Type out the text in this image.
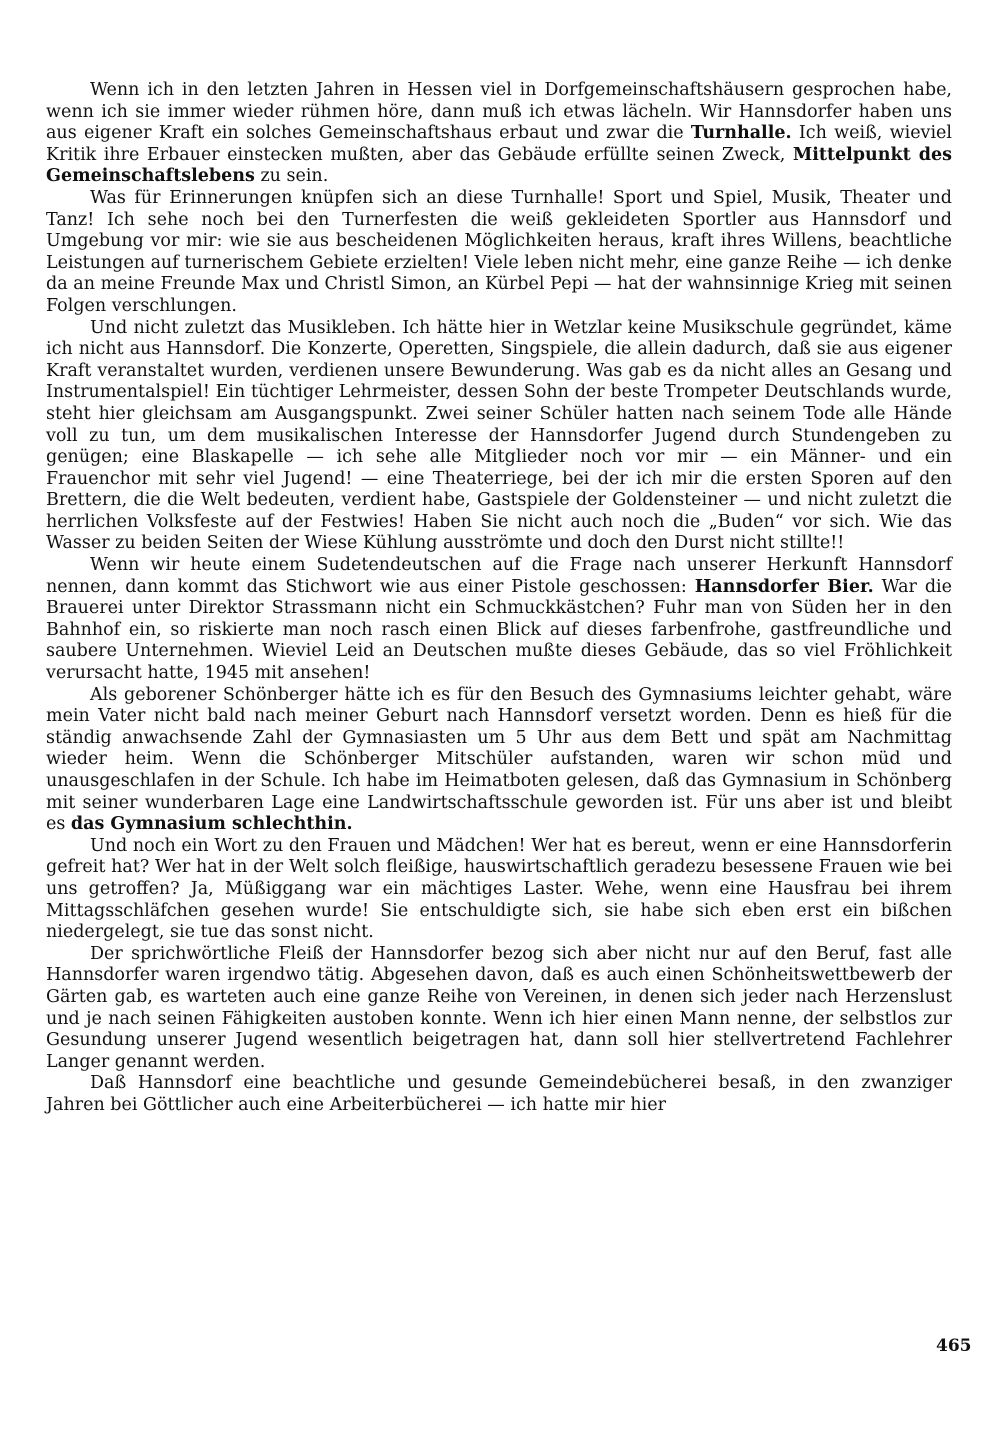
Wenn ich in den letzten Jahren in Hessen viel in Dorfgemeinschaftshäusern gesprochen habe, wenn ich sie immer wieder rühmen höre, dann muß ich etwas lächeln. Wir Hannsdorfer haben uns aus eigener Kraft ein solches Gemeinschaftshaus erbaut und zwar die Turnhalle. Ich weiß, wieviel Kritik ihre Erbauer einstecken mußten, aber das Gebäude erfüllte seinen Zweck, Mittelpunkt des Gemeinschaftslebens zu sein.

Was für Erinnerungen knüpfen sich an diese Turnhalle! Sport und Spiel, Musik, Theater und Tanz! Ich sehe noch bei den Turnerfesten die weiß gekleideten Sportler aus Hannsdorf und Umgebung vor mir: wie sie aus bescheidenen Möglichkeiten heraus, kraft ihres Willens, beachtliche Leistungen auf turnerischem Gebiete erzielten! Viele leben nicht mehr, eine ganze Reihe — ich denke da an meine Freunde Max und Christl Simon, an Kürbel Pepi — hat der wahnsinnige Krieg mit seinen Folgen verschlungen.

Und nicht zuletzt das Musikleben. Ich hätte hier in Wetzlar keine Musikschule gegründet, käme ich nicht aus Hannsdorf. Die Konzerte, Operetten, Singspiele, die allein dadurch, daß sie aus eigener Kraft veranstaltet wurden, verdienen unsere Bewunderung. Was gab es da nicht alles an Gesang und Instrumentalspiel! Ein tüchtiger Lehrmeister, dessen Sohn der beste Trompeter Deutschlands wurde, steht hier gleichsam am Ausgangspunkt. Zwei seiner Schüler hatten nach seinem Tode alle Hände voll zu tun, um dem musikalischen Interesse der Hannsdorfer Jugend durch Stundengeben zu genügen; eine Blaskapelle — ich sehe alle Mitglieder noch vor mir — ein Männer- und ein Frauenchor mit sehr viel Jugend! — eine Theaterriege, bei der ich mir die ersten Sporen auf den Brettern, die die Welt bedeuten, verdient habe, Gastspiele der Goldensteiner — und nicht zuletzt die herrlichen Volksfeste auf der Festwies! Haben Sie nicht auch noch die „Buden“ vor sich. Wie das Wasser zu beiden Seiten der Wiese Kühlung ausströmte und doch den Durst nicht stillte!!

Wenn wir heute einem Sudetendeutschen auf die Frage nach unserer Herkunft Hannsdorf nennen, dann kommt das Stichwort wie aus einer Pistole geschossen: Hannsdorfer Bier. War die Brauerei unter Direktor Strassmann nicht ein Schmuckkästchen? Fuhr man von Süden her in den Bahnhof ein, so riskierte man noch rasch einen Blick auf dieses farbenfrohe, gastfreundliche und saubere Unternehmen. Wieviel Leid an Deutschen mußte dieses Gebäude, das so viel Fröhlichkeit verursacht hatte, 1945 mit ansehen!

Als geborener Schönberger hätte ich es für den Besuch des Gymnasiums leichter gehabt, wäre mein Vater nicht bald nach meiner Geburt nach Hannsdorf versetzt worden. Denn es hieß für die ständig anwachsende Zahl der Gymnasiasten um 5 Uhr aus dem Bett und spät am Nachmittag wieder heim. Wenn die Schönberger Mitschüler aufstanden, waren wir schon müd und unausgeschlafen in der Schule. Ich habe im Heimatboten gelesen, daß das Gymnasium in Schönberg mit seiner wunderbaren Lage eine Landwirtschaftsschule geworden ist. Für uns aber ist und bleibt es das Gymnasium schlechthin.

Und noch ein Wort zu den Frauen und Mädchen! Wer hat es bereut, wenn er eine Hannsdorferin gefreit hat? Wer hat in der Welt solch fleißige, hauswirtschaftlich geradezu besessene Frauen wie bei uns getroffen? Ja, Müßiggang war ein mächtiges Laster. Wehe, wenn eine Hausfrau bei ihrem Mittagsschläfchen gesehen wurde! Sie entschuldigte sich, sie habe sich eben erst ein bißchen niedergelegt, sie tue das sonst nicht.

Der sprichwörtliche Fleiß der Hannsdorfer bezog sich aber nicht nur auf den Beruf, fast alle Hannsdorfer waren irgendwo tätig. Abgesehen davon, daß es auch einen Schönheitswettbewerb der Gärten gab, es warteten auch eine ganze Reihe von Vereinen, in denen sich jeder nach Herzenslust und je nach seinen Fähigkeiten austoben konnte. Wenn ich hier einen Mann nenne, der selbstlos zur Gesundung unserer Jugend wesentlich beigetragen hat, dann soll hier stellvertretend Fachlehrer Langer genannt werden.

Daß Hannsdorf eine beachtliche und gesunde Gemeindebücherei besaß, in den zwanziger Jahren bei Göttlicher auch eine Arbeiterbücherei — ich hatte mir hier

465
